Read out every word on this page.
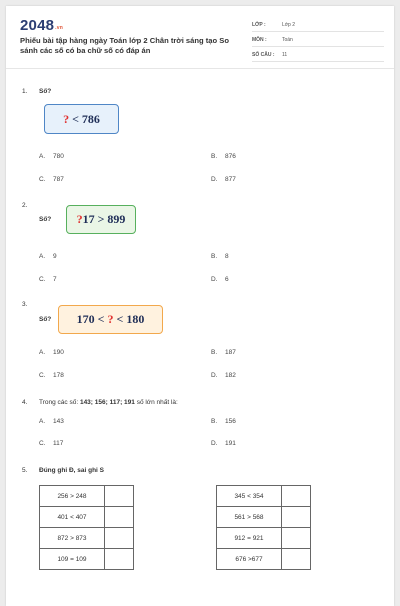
$2048^{.vn}$
Phiếu bài tập hàng ngày Toán lớp 2 Chân trời sáng tạo So sánh các số có ba chữ số có đáp án
LỚP :	Lớp 2
MÔN :	Toán
SỐ CÂU :	11
1. Số?
? < 786
A. 780	B. 876
C. 787	D. 877
2.
Số? ? 17 > 899
A. 9	B. 8
C. 7	D. 6
3.
Số? 170 < ? < 180
A. 190	B. 187
C. 178	D. 182
4. Trong các số: 143; 156; 117; 191 số lớn nhất là:
A. 143	B. 156
C. 117	D. 191
5. Đúng ghi Đ, sai ghi S
256 > 248	
401 < 407	
872 > 873	
109 = 109	
345 < 354	
561 > 568	
912 = 921	
676 >677	
